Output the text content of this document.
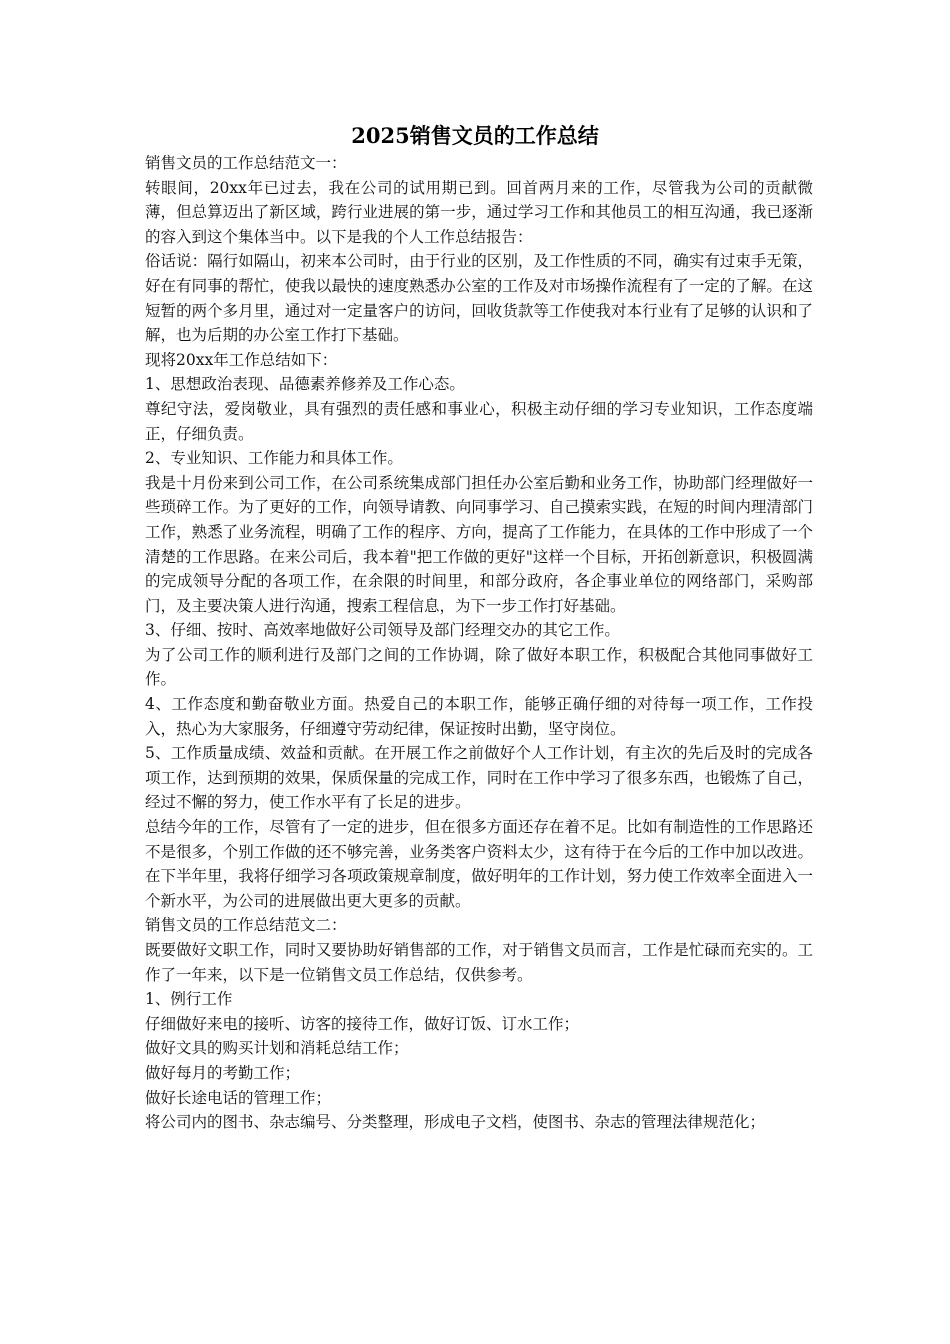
2025销售文员的工作总结

销售文员的工作总结范文一：

转眼间，20xx年已过去，我在公司的试用期已到。回首两月来的工作，尽管我为公司的贡献微薄，但总算迈出了新区域，跨行业进展的第一步，通过学习工作和其他员工的相互沟通，我已逐渐的容入到这个集体当中。以下是我的个人工作总结报告：

俗话说：隔行如隔山，初来本公司时，由于行业的区别，及工作性质的不同，确实有过束手无策，好在有同事的帮忙，使我以最快的速度熟悉办公室的工作及对市场操作流程有了一定的了解。在这短暂的两个多月里，通过对一定量客户的访问，回收货款等工作使我对本行业有了足够的认识和了解，也为后期的办公室工作打下基础。

现将20xx年工作总结如下：

1、思想政治表现、品德素养修养及工作心态。

尊纪守法，爱岗敬业，具有强烈的责任感和事业心，积极主动仔细的学习专业知识，工作态度端正，仔细负责。

2、专业知识、工作能力和具体工作。

我是十月份来到公司工作，在公司系统集成部门担任办公室后勤和业务工作，协助部门经理做好一些琐碎工作。为了更好的工作，向领导请教、向同事学习、自己摸索实践，在短的时间内理清部门工作，熟悉了业务流程，明确了工作的程序、方向，提高了工作能力，在具体的工作中形成了一个清楚的工作思路。在来公司后，我本着"把工作做的更好"这样一个目标，开拓创新意识，积极圆满的完成领导分配的各项工作，在余限的时间里，和部分政府，各企事业单位的网络部门，采购部门，及主要决策人进行沟通，搜索工程信息，为下一步工作打好基础。

3、仔细、按时、高效率地做好公司领导及部门经理交办的其它工作。

为了公司工作的顺利进行及部门之间的工作协调，除了做好本职工作，积极配合其他同事做好工作。

4、工作态度和勤奋敬业方面。热爱自己的本职工作，能够正确仔细的对待每一项工作，工作投入，热心为大家服务，仔细遵守劳动纪律，保证按时出勤，坚守岗位。

5、工作质量成绩、效益和贡献。在开展工作之前做好个人工作计划，有主次的先后及时的完成各项工作，达到预期的效果，保质保量的完成工作，同时在工作中学习了很多东西，也锻炼了自己，经过不懈的努力，使工作水平有了长足的进步。

总结今年的工作，尽管有了一定的进步，但在很多方面还存在着不足。比如有制造性的工作思路还不是很多，个别工作做的还不够完善，业务类客户资料太少，这有待于在今后的工作中加以改进。在下半年里，我将仔细学习各项政策规章制度，做好明年的工作计划，努力使工作效率全面进入一个新水平，为公司的进展做出更大更多的贡献。

销售文员的工作总结范文二：

既要做好文职工作，同时又要协助好销售部的工作，对于销售文员而言，工作是忙碌而充实的。工作了一年来，以下是一位销售文员工作总结，仅供参考。

1、例行工作

仔细做好来电的接听、访客的接待工作，做好订饭、订水工作；

做好文具的购买计划和消耗总结工作；

做好每月的考勤工作；

做好长途电话的管理工作；

将公司内的图书、杂志编号、分类整理，形成电子文档，使图书、杂志的管理法律规范化；
